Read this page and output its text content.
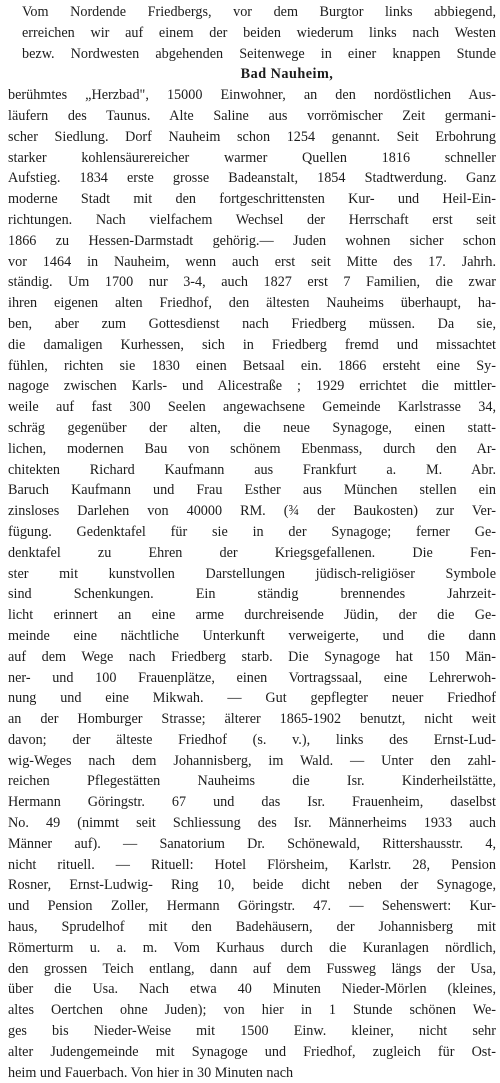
Vom Nordende Friedbergs, vor dem Burgtor links abbiegend,
erreichen wir auf einem der beiden wiederum links nach Westen
bezw. Nordwesten abgehenden Seitenwege in einer knappen Stunde
Bad Nauheim,
berühmtes „Herzbad", 15000 Einwohner, an den nordöstlichen Aus-
läufern des Taunus. Alte Saline aus vorrömischer Zeit germani-
scher Siedlung. Dorf Nauheim schon 1254 genannt. Seit Erbohrung
starker kohlensäurereicher warmer Quellen 1816 schneller
Aufstieg. 1834 erste grosse Badeanstalt, 1854 Stadtwerdung. Ganz
moderne Stadt mit den fortgeschrittensten Kur- und Heil-Ein-
richtungen. Nach vielfachem Wechsel der Herrschaft erst seit
1866 zu Hessen-Darmstadt gehörig.— Juden wohnen sicher schon
vor 1464 in Nauheim, wenn auch erst seit Mitte des 17. Jahrh.
ständig. Um 1700 nur 3-4, auch 1827 erst 7 Familien, die zwar
ihren eigenen alten Friedhof, den ältesten Nauheims überhaupt, ha-
ben, aber zum Gottesdienst nach Friedberg müssen. Da sie,
die damaligen Kurhessen, sich in Friedberg fremd und missachtet
fühlen, richten sie 1830 einen Betsaal ein. 1866 ersteht eine Sy-
nagoge zwischen Karls- und Alicestraße ; 1929 errichtet die mittler-
weile auf fast 300 Seelen angewachsene Gemeinde Karlstrasse 34,
schräg gegenüber der alten, die neue Synagoge, einen statt-
lichen, modernen Bau von schönem Ebenmass, durch den Ar-
chitekten Richard Kaufmann aus Frankfurt a. M. Abr.
Baruch Kaufmann und Frau Esther aus München stellen ein
zinsloses Darlehen von 40000 RM. (¾ der Baukosten) zur Ver-
fügung. Gedenktafel für sie in der Synagoge; ferner Ge-
denktafel zu Ehren der Kriegsgefallenen. Die Fen-
ster mit kunstvollen Darstellungen jüdisch-religiöser Symbole
sind Schenkungen. Ein ständig brennendes Jahrzeit-
licht erinnert an eine arme durchreisende Jüdin, der die Ge-
meinde eine nächtliche Unterkunft verweigerte, und die dann
auf dem Wege nach Friedberg starb. Die Synagoge hat 150 Män-
ner- und 100 Frauenplätze, einen Vortragssaal, eine Lehrerwoh-
nung und eine Mikwah. — Gut gepflegter neuer Friedhof
an der Homburger Strasse; älterer 1865-1902 benutzt, nicht weit
davon; der älteste Friedhof (s. v.), links des Ernst-Lud-
wig-Weges nach dem Johannisberg, im Wald. — Unter den zahl-
reichen Pflegestätten Nauheims die Isr. Kinderheilstätte,
Hermann Göringstr. 67 und das Isr. Frauenheim, daselbst
No. 49 (nimmt seit Schliessung des Isr. Männerheims 1933 auch
Männer auf). — Sanatorium Dr. Schönewald, Rittershausstr. 4,
nicht rituell. — Rituell: Hotel Flörsheim, Karlstr. 28, Pension
Rosner, Ernst-Ludwig- Ring 10, beide dicht neben der Synagoge,
und Pension Zoller, Hermann Göringstr. 47. — Sehenswert: Kur-
haus, Sprudelhof mit den Badehäusern, der Johannisberg mit
Römerturm u. a. m. Vom Kurhaus durch die Kuranlagen nördlich,
den grossen Teich entlang, dann auf dem Fussweg längs der Usa,
über die Usa. Nach etwa 40 Minuten Nieder-Mörlen (kleines,
altes Oertchen ohne Juden); von hier in 1 Stunde schönen We-
ges bis Nieder-Weise mit 1500 Einw. kleiner, nicht sehr
alter Judengemeinde mit Synagoge und Friedhof, zugleich für Ost-
heim und Fauerbach. Von hier in 30 Minuten nach
